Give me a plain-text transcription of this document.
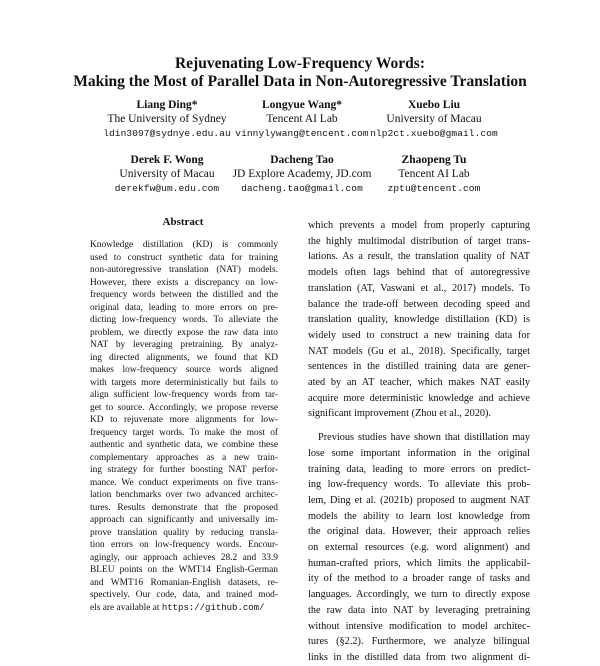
Rejuvenating Low-Frequency Words:
Making the Most of Parallel Data in Non-Autoregressive Translation
Liang Ding*
The University of Sydney
ldin3097@sydnye.edu.au
Longyue Wang*
Tencent AI Lab
vinnylywang@tencent.com
Xuebo Liu
University of Macau
nlp2ct.xuebo@gmail.com
Derek F. Wong
University of Macau
derekfw@um.edu.com
Dacheng Tao
JD Explore Academy, JD.com
dacheng.tao@gmail.com
Zhaopeng Tu
Tencent AI Lab
zptu@tencent.com
Abstract
Knowledge distillation (KD) is commonly
used to construct synthetic data for training
non-autoregressive translation (NAT) models.
However, there exists a discrepancy on low-
frequency words between the distilled and the
original data, leading to more errors on pre-
dicting low-frequency words. To alleviate the
problem, we directly expose the raw data into
NAT by leveraging pretraining. By analyz-
ing directed alignments, we found that KD
makes low-frequency source words aligned
with targets more deterministically but fails to
align sufficient low-frequency words from tar-
get to source. Accordingly, we propose reverse
KD to rejuvenate more alignments for low-
frequency target words. To make the most of
authentic and synthetic data, we combine these
complementary approaches as a new train-
ing strategy for further boosting NAT perfor-
mance. We conduct experiments on five trans-
lation benchmarks over two advanced architec-
tures. Results demonstrate that the proposed
approach can significantly and universally im-
prove translation quality by reducing transla-
tion errors on low-frequency words. Encour-
agingly, our approach achieves 28.2 and 33.9
BLEU points on the WMT14 English-German
and WMT16 Romanian-English datasets, re-
spectively. Our code, data, and trained mod-
els are available at https://github.com/
which prevents a model from properly capturing
the highly multimodal distribution of target trans-
lations. As a result, the translation quality of NAT
models often lags behind that of autoregressive
translation (AT, Vaswani et al., 2017) models. To
balance the trade-off between decoding speed and
translation quality, knowledge distillation (KD) is
widely used to construct a new training data for
NAT models (Gu et al., 2018). Specifically, target
sentences in the distilled training data are gener-
ated by an AT teacher, which makes NAT easily
acquire more deterministic knowledge and achieve
significant improvement (Zhou et al., 2020).
Previous studies have shown that distillation may
lose some important information in the original
training data, leading to more errors on predict-
ing low-frequency words. To alleviate this prob-
lem, Ding et al. (2021b) proposed to augment NAT
models the ability to learn lost knowledge from
the original data. However, their approach relies
on external resources (e.g. word alignment) and
human-crafted priors, which limits the applicabil-
ity of the method to a broader range of tasks and
languages. Accordingly, we turn to directly expose
the raw data into NAT by leveraging pretraining
without intensive modification to model architec-
tures (§2.2). Furthermore, we analyze bilingual
links in the distilled data from two alignment di-
